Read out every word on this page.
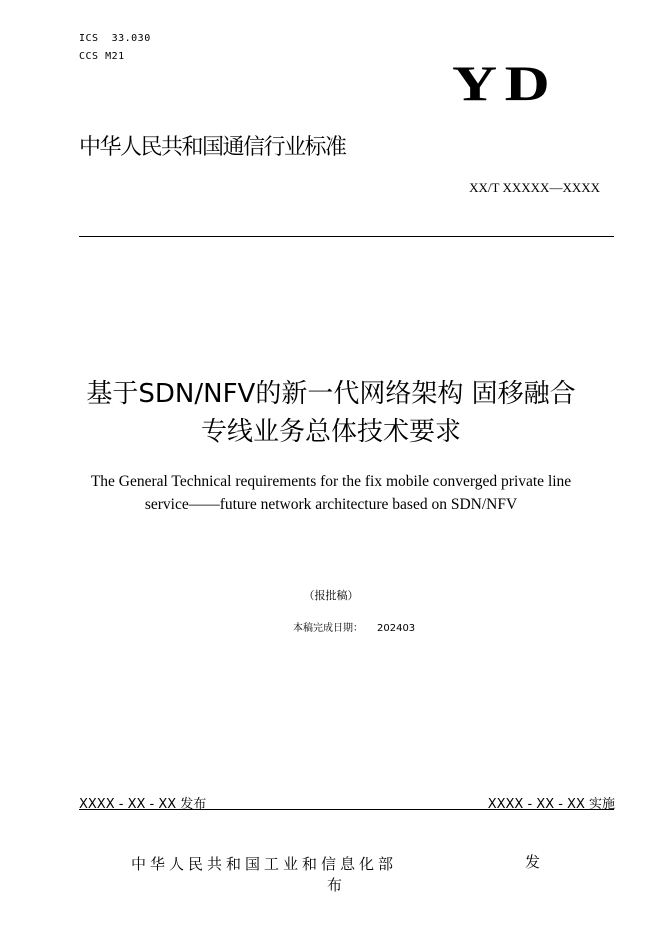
ICS  33.030
CCS M21	YD
中华人民共和国通信行业标准
XX/T XXXXX—XXXX
基于SDN/NFV的新一代网络架构 固移融合
专线业务总体技术要求
The General Technical requirements for the fix mobile converged private line
service——future network architecture based on SDN/NFV
（报批稿）
本稿完成日期： 202403
XXXX - XX - XX 发布	XXXX - XX - XX 实施
中华人民共和国工业和信息化部	发
布
